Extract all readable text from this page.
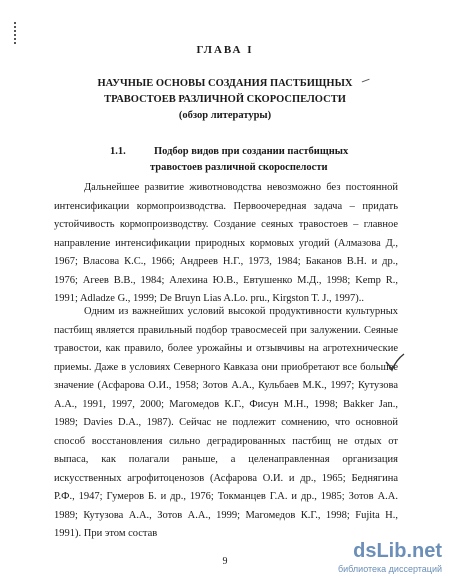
ГЛАВА I
НАУЧНЫЕ ОСНОВЫ СОЗДАНИЯ ПАСТБИЩНЫХ
ТРАВОСТОЕВ РАЗЛИЧНОЙ СКОРОСПЕЛОСТИ
(обзор литературы)
1.1.	Подбор видов при создании пастбищных
травостоев различной скороспелости

Дальнейшее развитие животноводства невозможно без постоянной интенсификации кормопроизводства. Первоочередная задача – придать устойчивость кормопроизводству. Создание сеяных травостоев – главное направление интенсификации природных кормовых угодий (Алмазова Д., 1967; Власова К.С., 1966; Андреев Н.Г., 1973, 1984; Баканов В.Н. и др., 1976; Агеев В.В., 1984; Алехина Ю.В., Евтушенко М.Д., 1998; Kemp R., 1991; Adladze G., 1999; De Bruyn Lias A.Lo. pru., Kirgston T. J., 1997)..

Одним из важнейших условий высокой продуктивности культурных пастбищ является правильный подбор травосмесей при залужении. Сеяные травостои, как правило, более урожайны и отзывчивы на агротехнические приемы. Даже в условиях Северного Кавказа они приобретают все большее значение (Асфарова О.И., 1958; Зотов А.А., Кульбаев М.К., 1997; Кутузова А.А., 1991, 1997, 2000; Магомедов К.Г., Фисун М.Н., 1998; Bakker Jan., 1989; Davies D.A., 1987). Сейчас не подлежит сомнению, что основной способ восстановления сильно деградированных пастбищ не отдых от выпаса, как полагали раньше, а целенаправленная организация искусственных агрофитоценозов (Асфарова О.И. и др., 1965; Беднягина Р.Ф., 1947; Гумеров Б. и др., 1976; Токманцев Г.А. и др., 1985; Зотов А.А. 1989; Кутузова А.А., Зотов А.А., 1999; Магомедов К.Г., 1998; Fujita H., 1991). При этом состав

9	dsLib.net
библиотека диссертаций
